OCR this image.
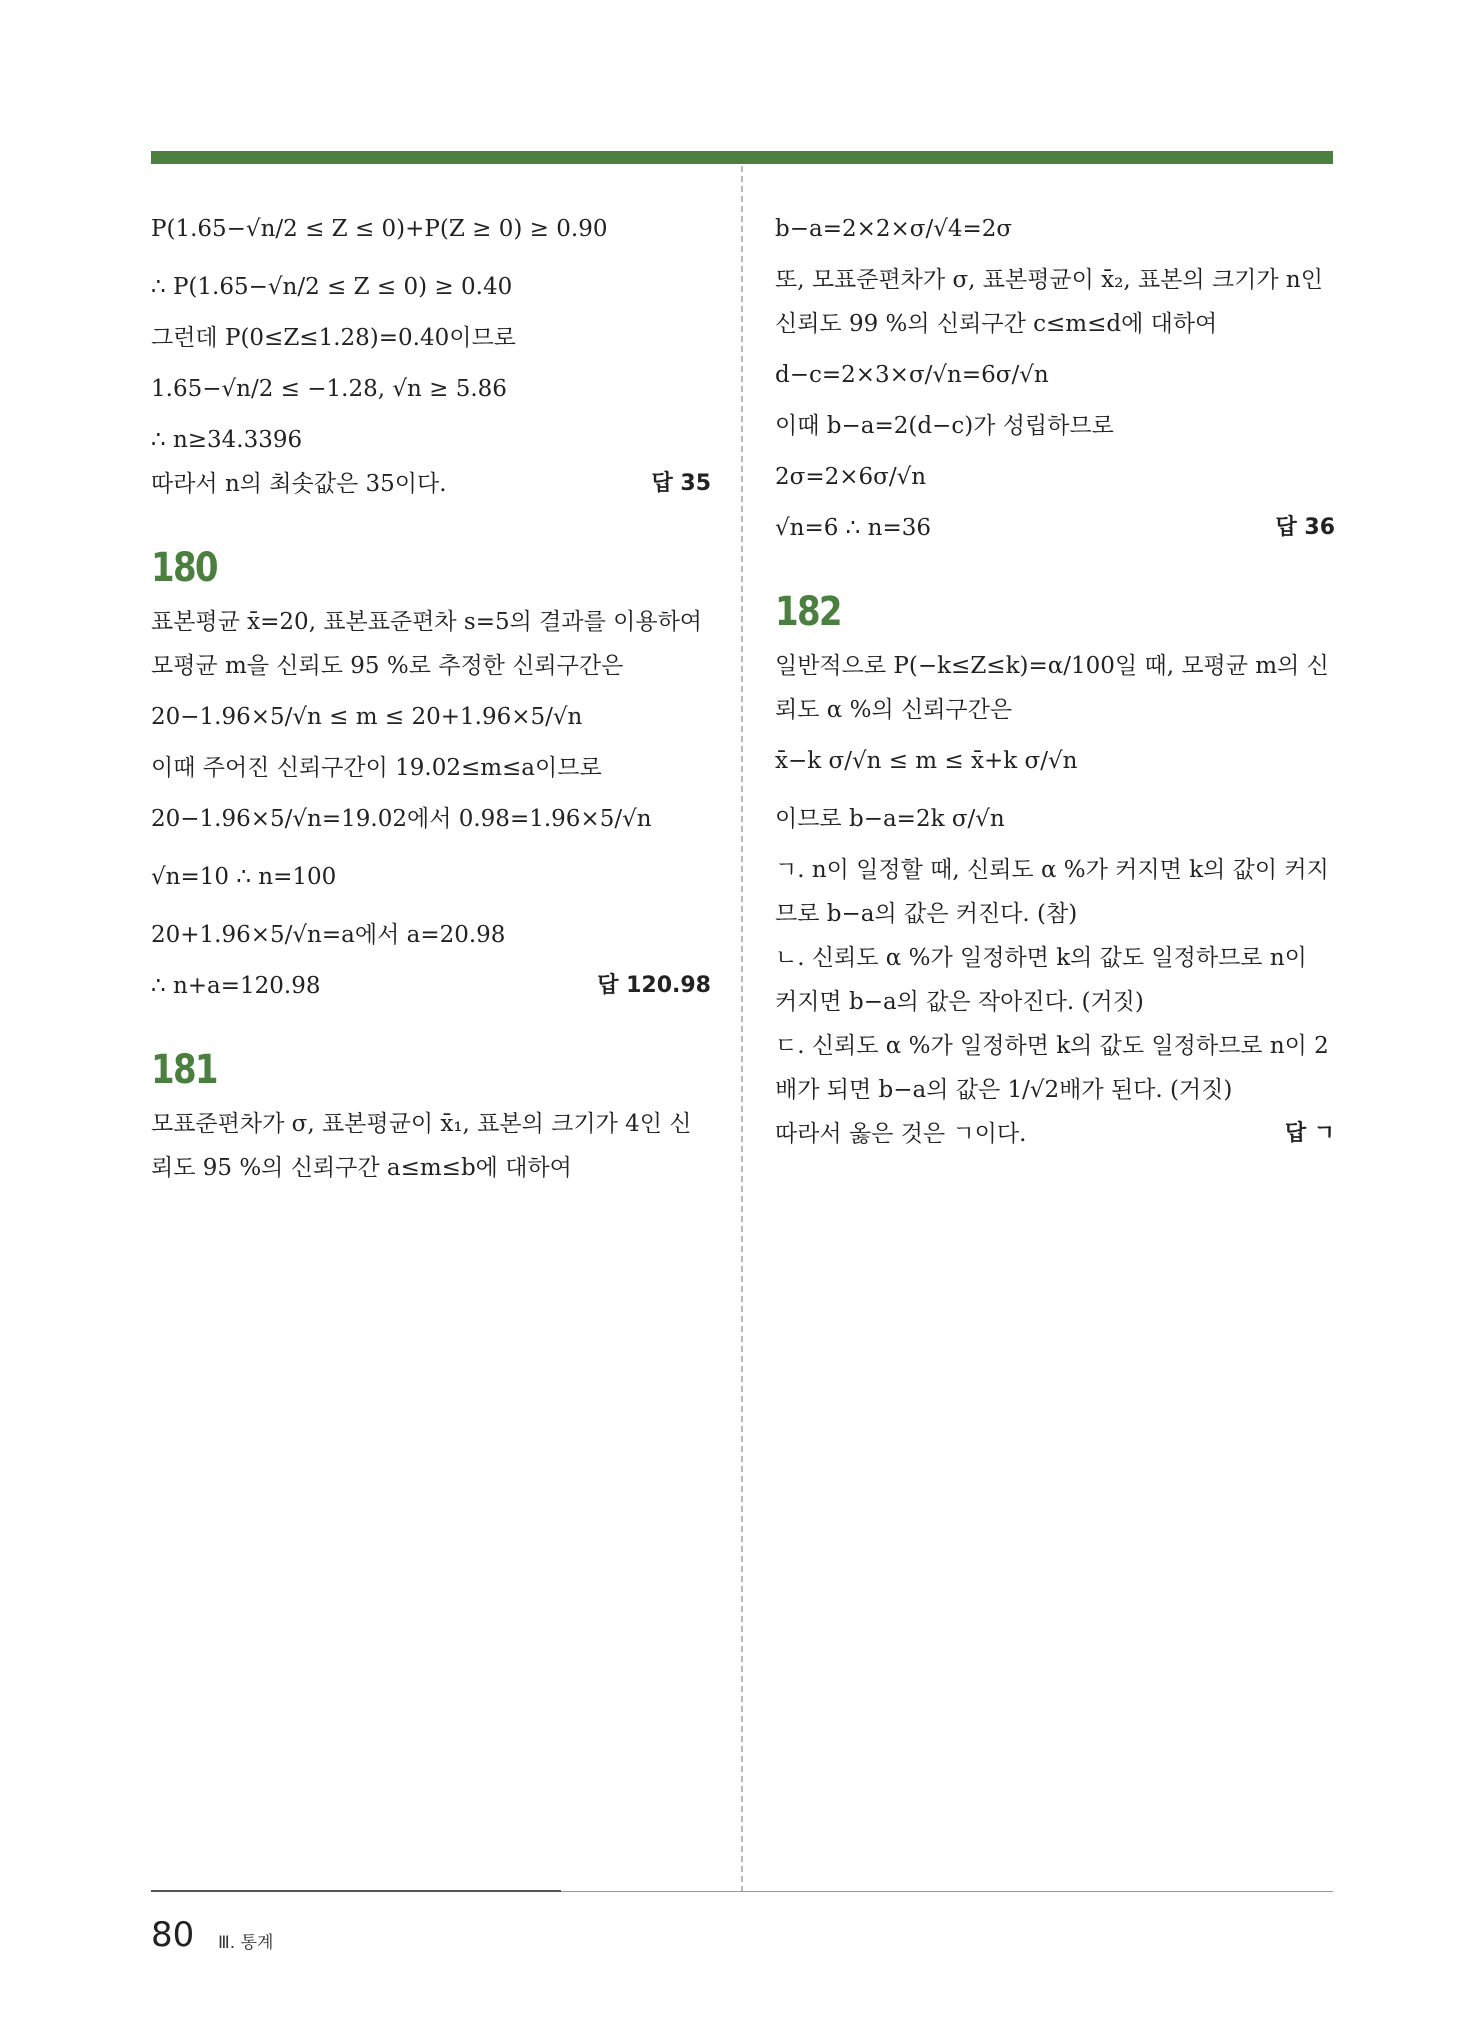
P(1.65−√n/2 ≤ Z ≤ 0)+P(Z ≥ 0) ≥ 0.90
∴ P(1.65−√n/2 ≤ Z ≤ 0) ≥ 0.40
그런데 P(0≤Z≤1.28)=0.40이므로
1.65−√n/2 ≤ −1.28, √n ≥ 5.86
∴ n≥34.3396
따라서 n의 최솟값은 35이다.	답 35
180
표본평균 x̄=20, 표본표준편차 s=5의 결과를 이용하여 모평균 m을 신뢰도 95 %로 추정한 신뢰구간은
20−1.96×5/√n ≤ m ≤ 20+1.96×5/√n
이때 주어진 신뢰구간이 19.02≤m≤a이므로
20−1.96×5/√n=19.02에서 0.98=1.96×5/√n
√n=10 ∴ n=100
20+1.96×5/√n=a에서 a=20.98
∴ n+a=120.98	답 120.98
181
모표준편차가 σ, 표본평균이 x̄₁, 표본의 크기가 4인 신뢰도 95 %의 신뢰구간 a≤m≤b에 대하여
b−a=2×2×σ/√4=2σ
또, 모표준편차가 σ, 표본평균이 x̄₂, 표본의 크기가 n인 신뢰도 99 %의 신뢰구간 c≤m≤d에 대하여
d−c=2×3×σ/√n=6σ/√n
이때 b−a=2(d−c)가 성립하므로
2σ=2×6σ/√n
√n=6 ∴ n=36	답 36
182
일반적으로 P(−k≤Z≤k)=α/100일 때, 모평균 m의 신뢰도 α %의 신뢰구간은
x̄−k σ/√n ≤ m ≤ x̄+k σ/√n
이므로 b−a=2k σ/√n
ㄱ. n이 일정할 때, 신뢰도 α %가 커지면 k의 값이 커지므로 b−a의 값은 커진다. (참)
ㄴ. 신뢰도 α %가 일정하면 k의 값도 일정하므로 n이 커지면 b−a의 값은 작아진다. (거짓)
ㄷ. 신뢰도 α %가 일정하면 k의 값도 일정하므로 n이 2배가 되면 b−a의 값은 1/√2배가 된다. (거짓)
따라서 옳은 것은 ㄱ이다.	답 ㄱ
80 Ⅲ. 통계
